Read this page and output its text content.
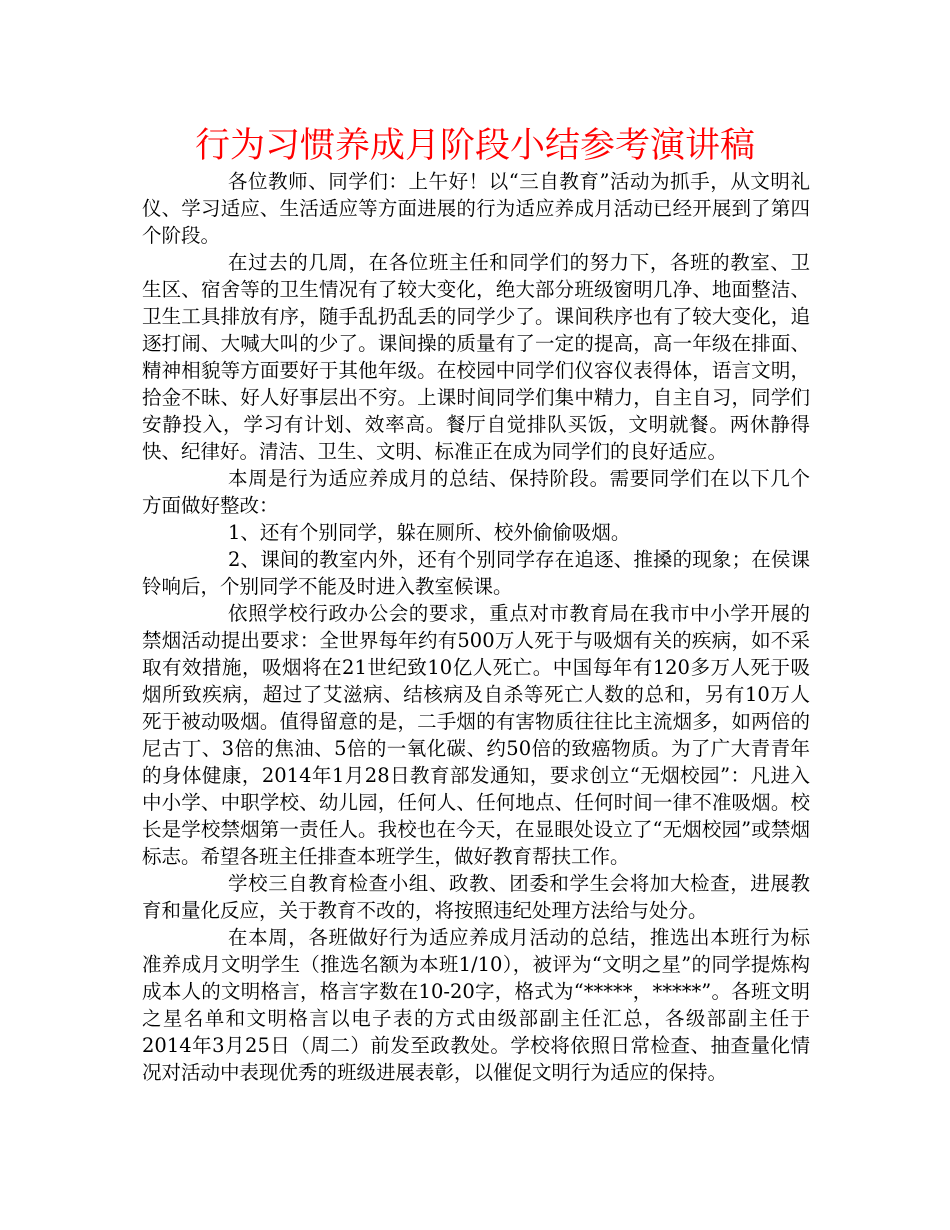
行为习惯养成月阶段小结参考演讲稿

各位教师、同学们：上午好！以“三自教育”活动为抓手，从文明礼仪、学习适应、生活适应等方面进展的行为适应养成月活动已经开展到了第四个阶段。

在过去的几周，在各位班主任和同学们的努力下，各班的教室、卫生区、宿舍等的卫生情况有了较大变化，绝大部分班级窗明几净、地面整洁、卫生工具排放有序，随手乱扔乱丢的同学少了。课间秩序也有了较大变化，追逐打闹、大喊大叫的少了。课间操的质量有了一定的提高，高一年级在排面、精神相貌等方面要好于其他年级。在校园中同学们仪容仪表得体，语言文明，拾金不昧、好人好事层出不穷。上课时间同学们集中精力，自主自习，同学们安静投入，学习有计划、效率高。餐厅自觉排队买饭，文明就餐。两休静得快、纪律好。清洁、卫生、文明、标准正在成为同学们的良好适应。

本周是行为适应养成月的总结、保持阶段。需要同学们在以下几个方面做好整改：

1、还有个别同学，躲在厕所、校外偷偷吸烟。

2、课间的教室内外，还有个别同学存在追逐、推搡的现象；在侯课铃响后，个别同学不能及时进入教室候课。

依照学校行政办公会的要求，重点对市教育局在我市中小学开展的禁烟活动提出要求：全世界每年约有500万人死于与吸烟有关的疾病，如不采取有效措施，吸烟将在21世纪致10亿人死亡。中国每年有120多万人死于吸烟所致疾病，超过了艾滋病、结核病及自杀等死亡人数的总和，另有10万人死于被动吸烟。值得留意的是，二手烟的有害物质往往比主流烟多，如两倍的尼古丁、3倍的焦油、5倍的一氧化碳、约50倍的致癌物质。为了广大青青年的身体健康，2014年1月28日教育部发通知，要求创立“无烟校园”：凡进入中小学、中职学校、幼儿园，任何人、任何地点、任何时间一律不准吸烟。校长是学校禁烟第一责任人。我校也在今天，在显眼处设立了“无烟校园”或禁烟标志。希望各班主任排查本班学生，做好教育帮扶工作。

学校三自教育检查小组、政教、团委和学生会将加大检查，进展教育和量化反应，关于教育不改的，将按照违纪处理方法给与处分。

在本周，各班做好行为适应养成月活动的总结，推选出本班行为标准养成月文明学生（推选名额为本班1/10），被评为“文明之星”的同学提炼构成本人的文明格言，格言字数在10-20字，格式为“*****，*****”。各班文明之星名单和文明格言以电子表的方式由级部副主任汇总，各级部副主任于2014年3月25日（周二）前发至政教处。学校将依照日常检查、抽查量化情况对活动中表现优秀的班级进展表彰，以催促文明行为适应的保持。
